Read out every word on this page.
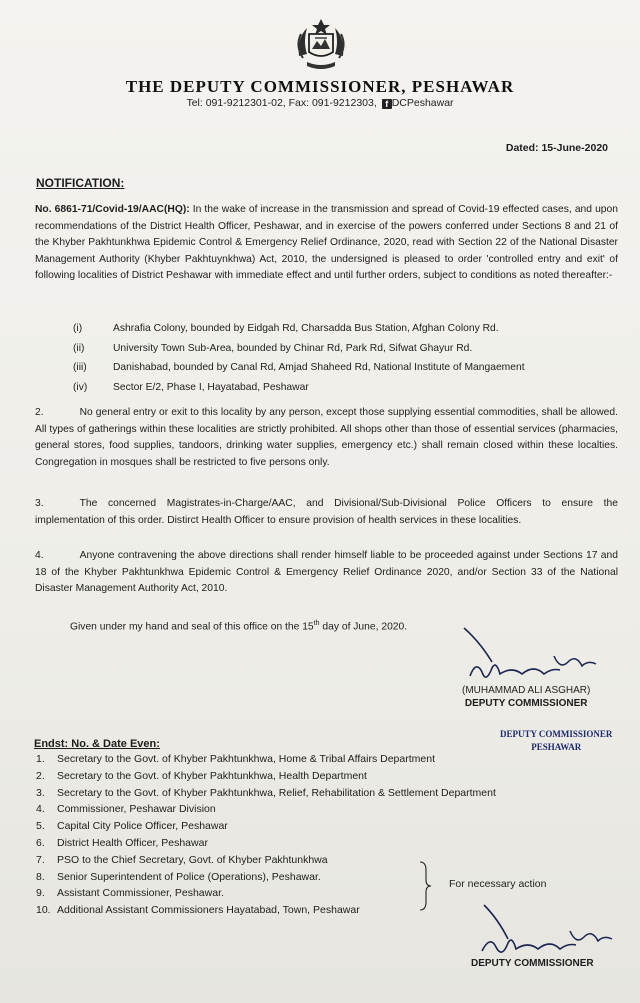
THE DEPUTY COMMISSIONER, PESHAWAR
Tel: 091-9212301-02, Fax: 091-9212303, f DCPeshawar
Dated: 15-June-2020
NOTIFICATION:
No. 6861-71/Covid-19/AAC(HQ): In the wake of increase in the transmission and spread of Covid-19 effected cases, and upon recommendations of the District Health Officer, Peshawar, and in exercise of the powers conferred under Sections 8 and 21 of the Khyber Pakhtunkhwa Epidemic Control & Emergency Relief Ordinance, 2020, read with Section 22 of the National Disaster Management Authority (Khyber Pakhtuynkhwa) Act, 2010, the undersigned is pleased to order 'controlled entry and exit' of following localities of District Peshawar with immediate effect and until further orders, subject to conditions as noted thereafter:-
(i)	Ashrafia Colony, bounded by Eidgah Rd, Charsadda Bus Station, Afghan Colony Rd.
(ii)	University Town Sub-Area, bounded by Chinar Rd, Park Rd, Sifwat Ghayur Rd.
(iii)	Danishabad, bounded by Canal Rd, Amjad Shaheed Rd, National Institute of Mangaement
(iv)	Sector E/2, Phase I, Hayatabad, Peshawar
2.	No general entry or exit to this locality by any person, except those supplying essential commodities, shall be allowed. All types of gatherings within these localities are strictly prohibited. All shops other than those of essential services (pharmacies, general stores, food supplies, tandoors, drinking water supplies, emergency etc.) shall remain closed within these localties. Congregation in mosques shall be restricted to five persons only.
3.	The concerned Magistrates-in-Charge/AAC, and Divisional/Sub-Divisional Police Officers to ensure the implementation of this order. Distirct Health Officer to ensure provision of health services in these localities.
4.	Anyone contravening the above directions shall render himself liable to be proceeded against under Sections 17 and 18 of the Khyber Pakhtunkhwa Epidemic Control & Emergency Relief Ordinance 2020, and/or Section 33 of the National Disaster Management Authority Act, 2010.
Given under my hand and seal of this office on the 15th day of June, 2020.
(MUHAMMAD ALI ASGHAR)
DEPUTY COMMISSIONER
DEPUTY COMMISSIONER
PESHAWAR
Endst: No. & Date Even:
1.	Secretary to the Govt. of Khyber Pakhtunkhwa, Home & Tribal Affairs Department
2.	Secretary to the Govt. of Khyber Pakhtunkhwa, Health Department
3.	Secretary to the Govt. of Khyber Pakhtunkhwa, Relief, Rehabilitation & Settlement Department
4.	Commissioner, Peshawar Division
5.	Capital City Police Officer, Peshawar
6.	District Health Officer, Peshawar
7.	PSO to the Chief Secretary, Govt. of Khyber Pakhtunkhwa
8.	Senior Superintendent of Police (Operations), Peshawar.
9.	Assistant Commissioner, Peshawar.
10. Additional Assistant Commissioners Hayatabad, Town, Peshawar
For necessary action
DEPUTY COMMISSIONER
